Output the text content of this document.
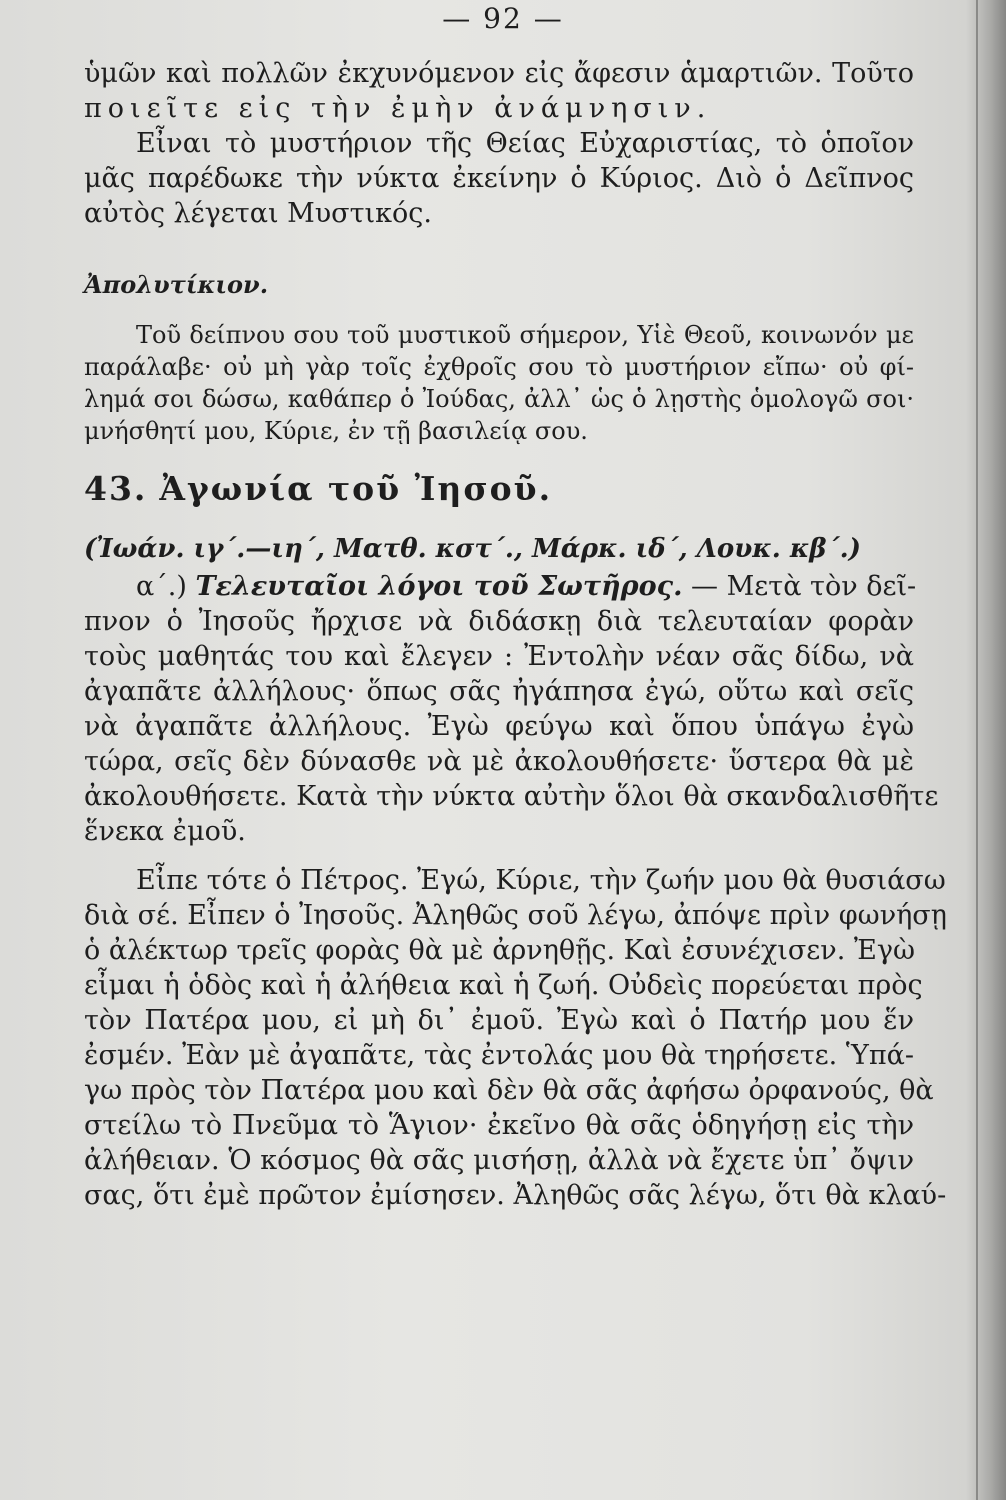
— 92 —
ὑμῶν καὶ πολλῶν ἐκχυνόμενον εἰς ἄφεσιν ἁμαρτιῶν. Τοῦτο
ποιεῖτε εἰς τὴν ἐμὴν ἀνάμνησιν.
Εἶναι τὸ μυστήριον τῆς Θείας Εὐχαριστίας, τὸ ὁποῖον
μᾶς παρέδωκε τὴν νύκτα ἐκείνην ὁ Κύριος. Διὸ ὁ Δεῖπνος
αὐτὸς λέγεται Μυστικός.
Ἀπολυτίκιον.
Τοῦ δείπνου σου τοῦ μυστικοῦ σήμερον, Υἱὲ Θεοῦ, κοινωνόν με
παράλαβε· οὐ μὴ γὰρ τοῖς ἐχθροῖς σου τὸ μυστήριον εἴπω· οὐ φί-
λημά σοι δώσω, καθάπερ ὁ Ἰούδας, ἀλλ᾽ ὡς ὁ λῃστὴς ὁμολογῶ σοι·
μνήσθητί μου, Κύριε, ἐν τῇ βασιλείᾳ σου.
43. Ἀγωνία τοῦ Ἰησοῦ.
(Ἰωάν. ιγ΄.—ιη΄, Ματθ. κστ΄., Μάρκ. ιδ΄, Λουκ. κβ΄.)
α΄.) Τελευταῖοι λόγοι τοῦ Σωτῆρος. — Μετὰ τὸν δεῖ-
πνον ὁ Ἰησοῦς ἤρχισε νὰ διδάσκῃ διὰ τελευταίαν φορὰν
τοὺς μαθητάς του καὶ ἔλεγεν : Ἐντολὴν νέαν σᾶς δίδω, νὰ
ἀγαπᾶτε ἀλλήλους· ὅπως σᾶς ἠγάπησα ἐγώ, οὕτω καὶ σεῖς
νὰ ἀγαπᾶτε ἀλλήλους. Ἐγὼ φεύγω καὶ ὅπου ὑπάγω ἐγὼ
τώρα, σεῖς δὲν δύνασθε νὰ μὲ ἀκολουθήσετε· ὕστερα θὰ μὲ
ἀκολουθήσετε. Κατὰ τὴν νύκτα αὐτὴν ὅλοι θὰ σκανδαλισθῆτε
ἕνεκα ἐμοῦ.
Εἶπε τότε ὁ Πέτρος. Ἐγώ, Κύριε, τὴν ζωήν μου θὰ θυσιάσω
διὰ σέ. Εἶπεν ὁ Ἰησοῦς. Ἀληθῶς σοῦ λέγω, ἀπόψε πρὶν φωνήσῃ
ὁ ἀλέκτωρ τρεῖς φορὰς θὰ μὲ ἀρνηθῇς. Καὶ ἐσυνέχισεν. Ἐγὼ
εἶμαι ἡ ὁδὸς καὶ ἡ ἀλήθεια καὶ ἡ ζωή. Οὐδεὶς πορεύεται πρὸς
τὸν Πατέρα μου, εἰ μὴ δι᾽ ἐμοῦ. Ἐγὼ καὶ ὁ Πατήρ μου ἕν
ἐσμέν. Ἐὰν μὲ ἀγαπᾶτε, τὰς ἐντολάς μου θὰ τηρήσετε. Ὑπά-
γω πρὸς τὸν Πατέρα μου καὶ δὲν θὰ σᾶς ἀφήσω ὀρφανούς, θὰ
στείλω τὸ Πνεῦμα τὸ Ἅγιον· ἐκεῖνο θὰ σᾶς ὁδηγήσῃ εἰς τὴν
ἀλήθειαν. Ὁ κόσμος θὰ σᾶς μισήσῃ, ἀλλὰ νὰ ἔχετε ὑπ᾽ ὄψιν
σας, ὅτι ἐμὲ πρῶτον ἐμίσησεν. Ἀληθῶς σᾶς λέγω, ὅτι θὰ κλαύ-
